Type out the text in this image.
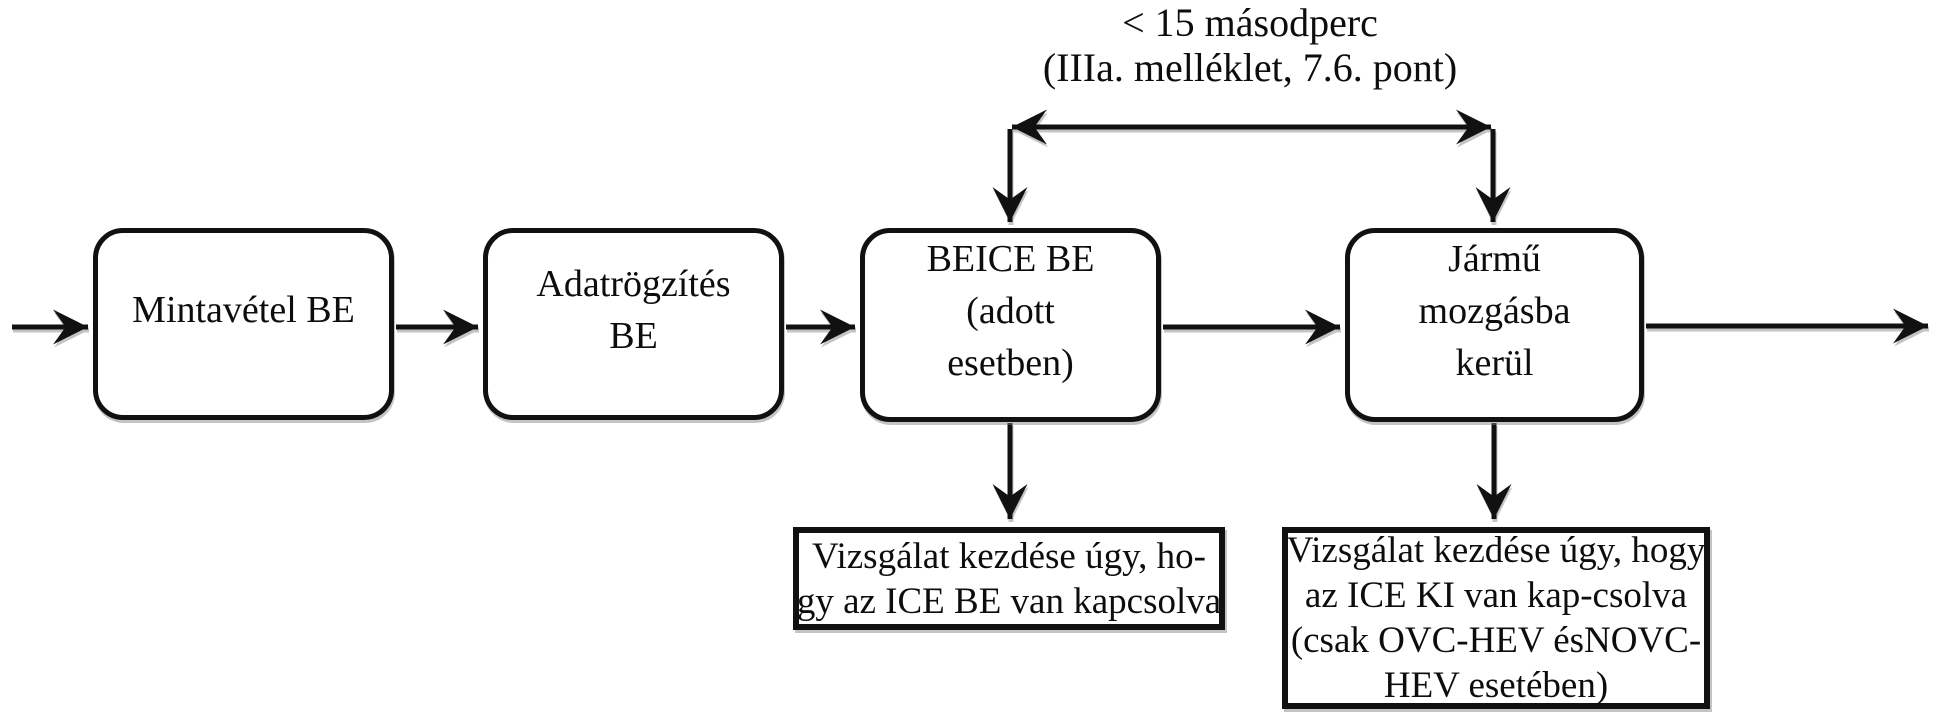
< 15 másodperc
(IIIa. melléklet, 7.6. pont)
Mintavétel BE
Adatrögzítés
BE
BEICE BE
(adott
esetben)
Jármű
mozgásba
kerül
Vizsgálat kezdése úgy, ho-
gy az ICE BE van kapcsolva
Vizsgálat kezdése úgy, hogy
az ICE KI van kap-csolva
(csak OVC-HEV ésNOVC-
HEV esetében)
